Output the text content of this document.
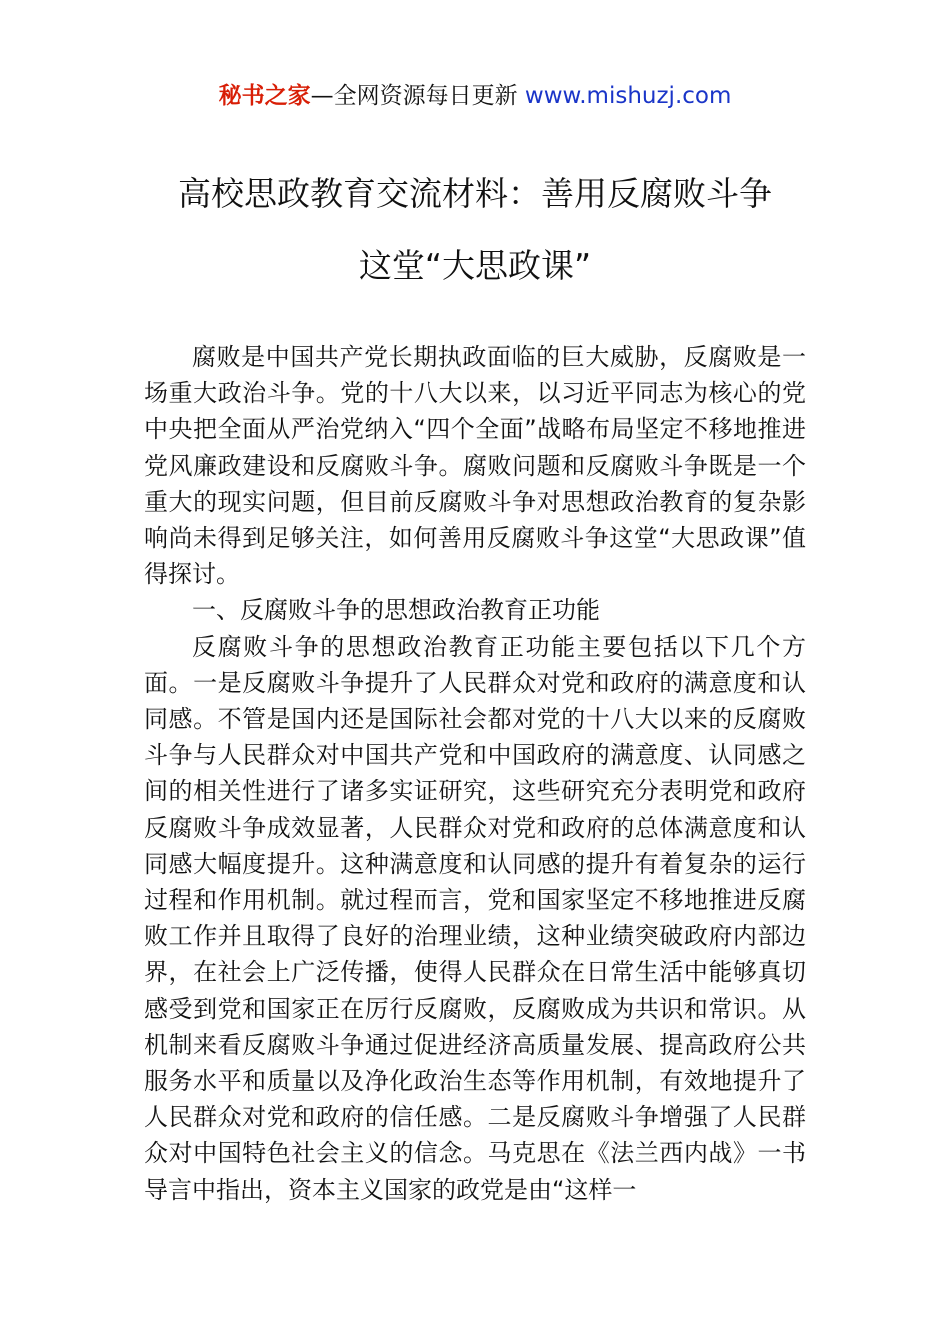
秘书之家—全网资源每日更新 www.mishuzj.com
高校思政教育交流材料：善用反腐败斗争
这堂“大思政课”

腐败是中国共产党长期执政面临的巨大威胁，反腐败是一场重大政治斗争。党的十八大以来，以习近平同志为核心的党中央把全面从严治党纳入“四个全面”战略布局坚定不移地推进党风廉政建设和反腐败斗争。腐败问题和反腐败斗争既是一个重大的现实问题，但目前反腐败斗争对思想政治教育的复杂影响尚未得到足够关注，如何善用反腐败斗争这堂“大思政课”值得探讨。

一、反腐败斗争的思想政治教育正功能

反腐败斗争的思想政治教育正功能主要包括以下几个方面。一是反腐败斗争提升了人民群众对党和政府的满意度和认同感。不管是国内还是国际社会都对党的十八大以来的反腐败斗争与人民群众对中国共产党和中国政府的满意度、认同感之间的相关性进行了诸多实证研究，这些研究充分表明党和政府反腐败斗争成效显著，人民群众对党和政府的总体满意度和认同感大幅度提升。这种满意度和认同感的提升有着复杂的运行过程和作用机制。就过程而言，党和国家坚定不移地推进反腐败工作并且取得了良好的治理业绩，这种业绩突破政府内部边界，在社会上广泛传播，使得人民群众在日常生活中能够真切感受到党和国家正在厉行反腐败，反腐败成为共识和常识。从机制来看反腐败斗争通过促进经济高质量发展、提高政府公共服务水平和质量以及净化政治生态等作用机制，有效地提升了人民群众对党和政府的信任感。二是反腐败斗争增强了人民群众对中国特色社会主义的信念。马克思在《法兰西内战》一书导言中指出，资本主义国家的政党是由“这样一
